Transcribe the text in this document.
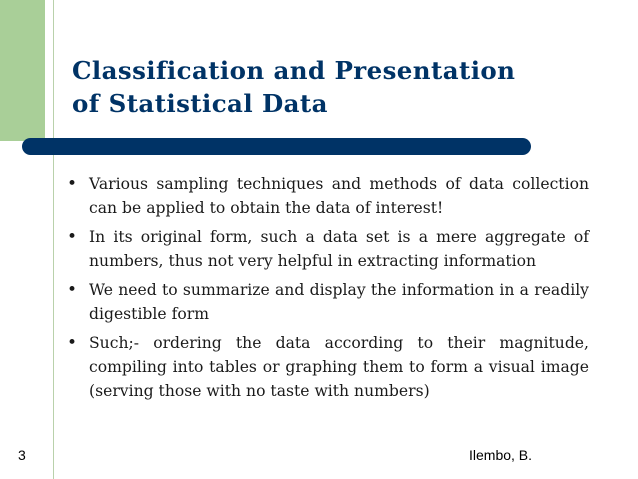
Classification and Presentation
of Statistical Data
• Various sampling techniques and methods of data collection can be applied to obtain the data of interest!
• In its original form, such a data set is a mere aggregate of numbers, thus not very helpful in extracting information
• We need to summarize and display the information in a readily digestible form
• Such;- ordering the data according to their magnitude, compiling into tables or graphing them to form a visual image (serving those with no taste with numbers)
3	Ilembo, B.
